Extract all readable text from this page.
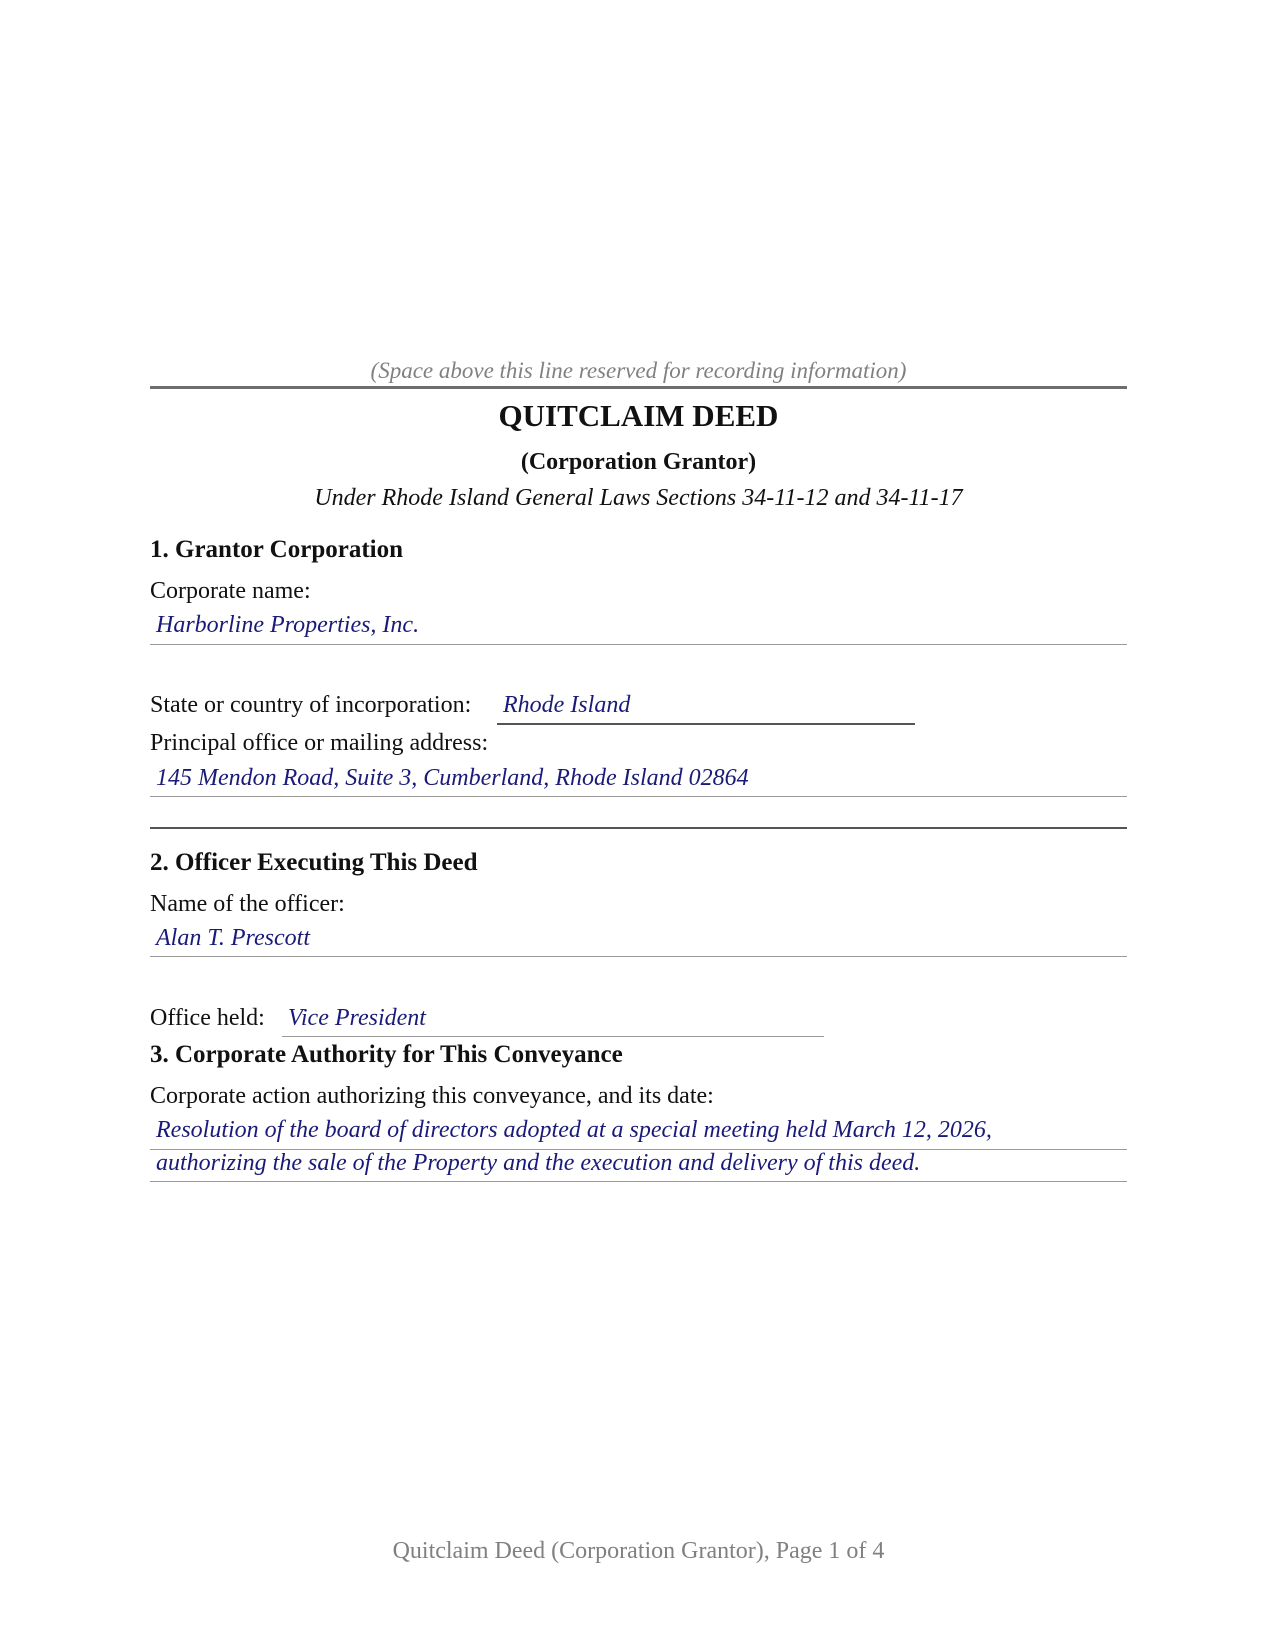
(Space above this line reserved for recording information)
QUITCLAIM DEED
(Corporation Grantor)
Under Rhode Island General Laws Sections 34-11-12 and 34-11-17
1. Grantor Corporation
Corporate name:
Harborline Properties, Inc.
State or country of incorporation: Rhode Island
Principal office or mailing address:
145 Mendon Road, Suite 3, Cumberland, Rhode Island 02864
2. Officer Executing This Deed
Name of the officer:
Alan T. Prescott
Office held: Vice President
3. Corporate Authority for This Conveyance
Corporate action authorizing this conveyance, and its date:
Resolution of the board of directors adopted at a special meeting held March 12, 2026,
authorizing the sale of the Property and the execution and delivery of this deed.
Quitclaim Deed (Corporation Grantor), Page 1 of 4
